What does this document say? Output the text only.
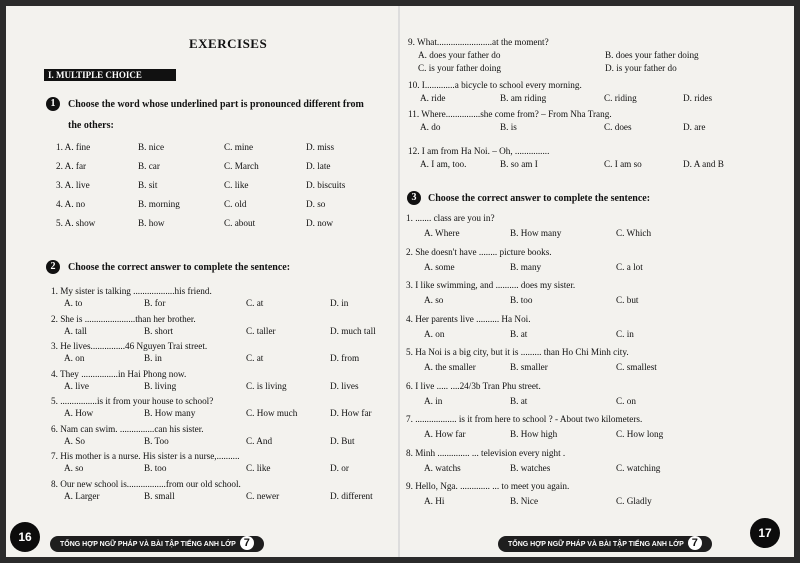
EXERCISES
I. MULTIPLE CHOICE
1	Choose the word whose underlined part is pronounced different from
the others:
1. A. fine	B. nice	C. mine	D. miss
2. A. far	B. car	C. March	D. late
3. A. live	B. sit	C. like	D. biscuits
4. A. no	B. morning	C. old	D. so
5. A. show	B. how	C. about	D. now
2	Choose the correct answer to complete the sentence:
1. My sister is talking ..................his friend.
A. to	B. for	C. at	D. in
2. She is ......................than her brother.
A. tall	B. short	C. taller	D. much tall
3. He lives...............46 Nguyen Trai street.
A. on	B. in	C. at	D. from
4. They ................in Hai Phong now.
A. live	B. living	C. is living	D. lives
5. ................is it from your house to school?
A. How	B. How many	C. How much	D. How far
6. Nam can swim. ...............can his sister.
A. So	B. Too	C. And	D. But
7. His mother is a nurse. His sister is a nurse,..........
A. so	B. too	C. like	D. or
8. Our new school is.................from our old school.
A. Larger	B. small	C. newer	D. different
16
TỔNG HỢP NGỮ PHÁP VÀ BÀI TẬP TIẾNG ANH LỚP 7
9. What........................at the moment?
A. does your father do	B. does your father doing
C. is your father doing	D. is your father do
10. I.............a bicycle to school every morning.
A. ride	B. am riding	C. riding	D. rides
11. Where...............she come from? – From Nha Trang.
A. do	B. is	C. does	D. are
12. I am from Ha Noi. – Oh, ...............
A. I am, too.	B. so am I	C. I am so	D. A and B
3	Choose the correct answer to complete the sentence:
1. ....... class are you in?
A. Where	B. How many	C. Which
2. She doesn't have ........ picture books.
A. some	B. many	C. a lot
3. I like swimming, and .......... does my sister.
A. so	B. too	C. but
4. Her parents live .......... Ha Noi.
A. on	B. at	C. in
5. Ha Noi is a big city, but it is ......... than Ho Chi Minh city.
A. the smaller	B. smaller	C. smallest
6. I live ..... ....24/3b Tran Phu street.
A. in	B. at	C. on
7. .................. is it from here to school ? - About two kilometers.
A. How far	B. How high	C. How long
8. Minh .............. ... television every night .
A. watchs	B. watches	C. watching
9. Hello, Nga. ............. ... to meet you again.
A. Hi	B. Nice	C. Gladly
17
TỔNG HỢP NGỮ PHÁP VÀ BÀI TẬP TIẾNG ANH LỚP 7
